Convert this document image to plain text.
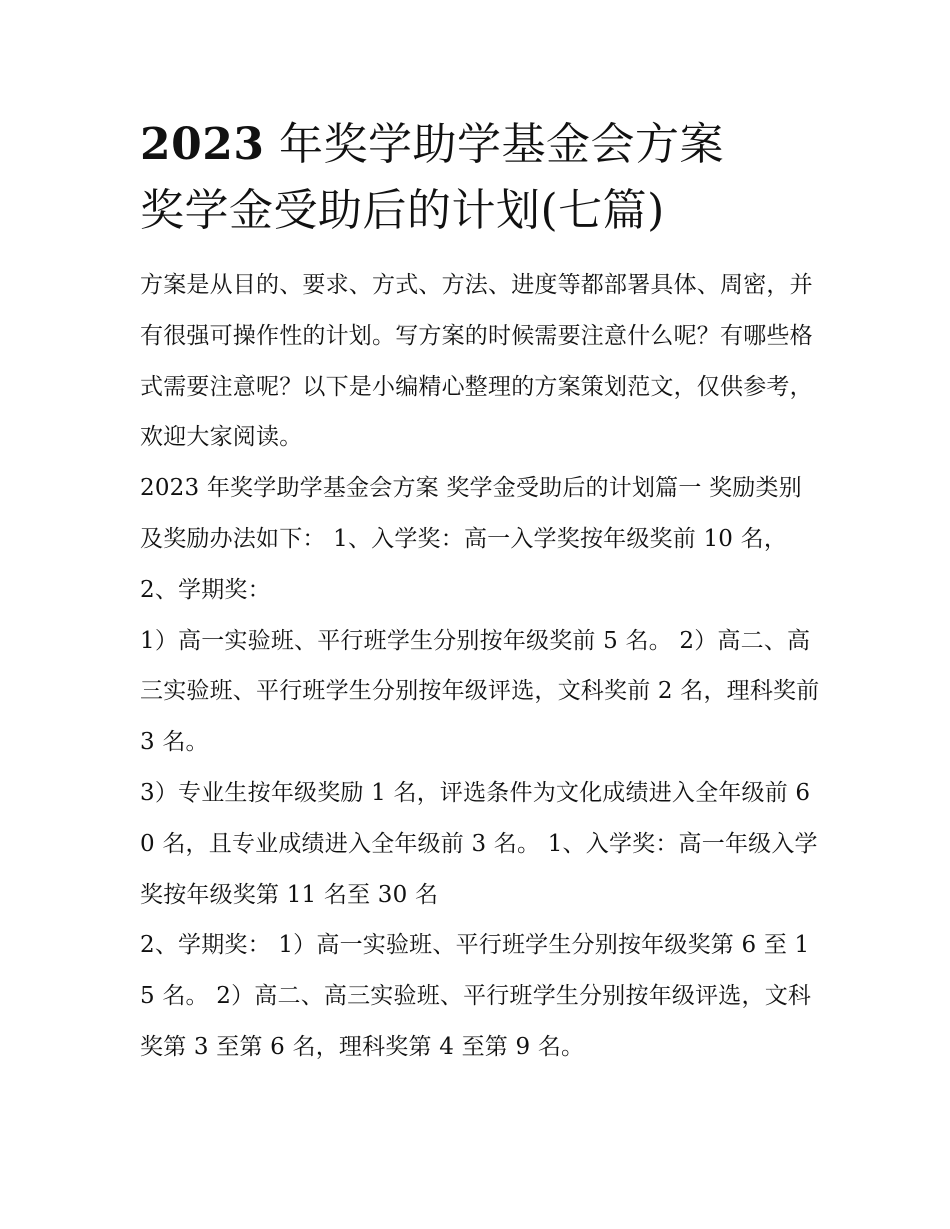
2023 年奖学助学基金会方案
奖学金受助后的计划(七篇)

方案是从目的、要求、方式、方法、进度等都部署具体、周密，并有很强可操作性的计划。写方案的时候需要注意什么呢？有哪些格式需要注意呢？以下是小编精心整理的方案策划范文，仅供参考，欢迎大家阅读。

2023 年奖学助学基金会方案 奖学金受助后的计划篇一 奖励类别及奖励办法如下： 1、入学奖：高一入学奖按年级奖前 10 名， 2、学期奖：

1）高一实验班、平行班学生分别按年级奖前 5 名。 2）高二、高三实验班、平行班学生分别按年级评选，文科奖前 2 名，理科奖前 3 名。

3）专业生按年级奖励 1 名，评选条件为文化成绩进入全年级前 60 名，且专业成绩进入全年级前 3 名。 1、入学奖：高一年级入学奖按年级奖第 11 名至 30 名

2、学期奖： 1）高一实验班、平行班学生分别按年级奖第 6 至 15 名。 2）高二、高三实验班、平行班学生分别按年级评选，文科奖第 3 至第 6 名，理科奖第 4 至第 9 名。
